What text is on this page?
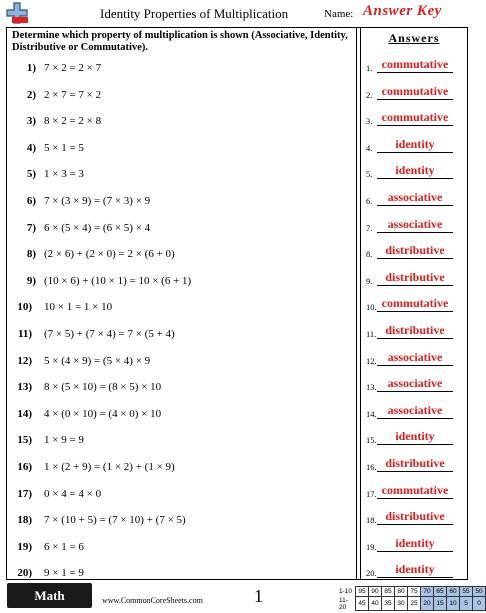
Identity Properties of Multiplication	Name: Answer Key
Determine which property of multiplication is shown (Associative, Identity, Distributive or Commutative).
Answers
1) 7 × 2 = 2 × 7
2) 2 × 7 = 7 × 2
3) 8 × 2 = 2 × 8
4) 5 × 1 = 5
5) 1 × 3 = 3
6) 7 × (3 × 9) = (7 × 3) × 9
7) 6 × (5 × 4) = (6 × 5) × 4
8) (2 × 6) + (2 × 0) = 2 × (6 + 0)
9) (10 × 6) + (10 × 1) = 10 × (6 + 1)
10) 10 × 1 = 1 × 10
11) (7 × 5) + (7 × 4) = 7 × (5 + 4)
12) 5 × (4 × 9) = (5 × 4) × 9
13) 8 × (5 × 10) = (8 × 5) × 10
14) 4 × (0 × 10) = (4 × 0) × 10
15) 1 × 9 = 9
16) 1 × (2 + 9) = (1 × 2) + (1 × 9)
17) 0 × 4 = 4 × 0
18) 7 × (10 + 5) = (7 × 10) + (7 × 5)
19) 6 × 1 = 6
20) 9 × 1 = 9
1. commutative
2. commutative
3. commutative
4.	identity
5.	identity
6.	associative
7.	associative
8.	distributive
9.	distributive
10. commutative
11. distributive
12. associative
13. associative
14. associative
15.	identity
16. distributive
17. commutative
18. distributive
19.	identity
20.	identity
Math	www.CommonCoreSheets.com	1	1-10	95	90	85	80	75	70	65	60	55	50
11-20	45	40	35	30	25	20	15	10	5	0
